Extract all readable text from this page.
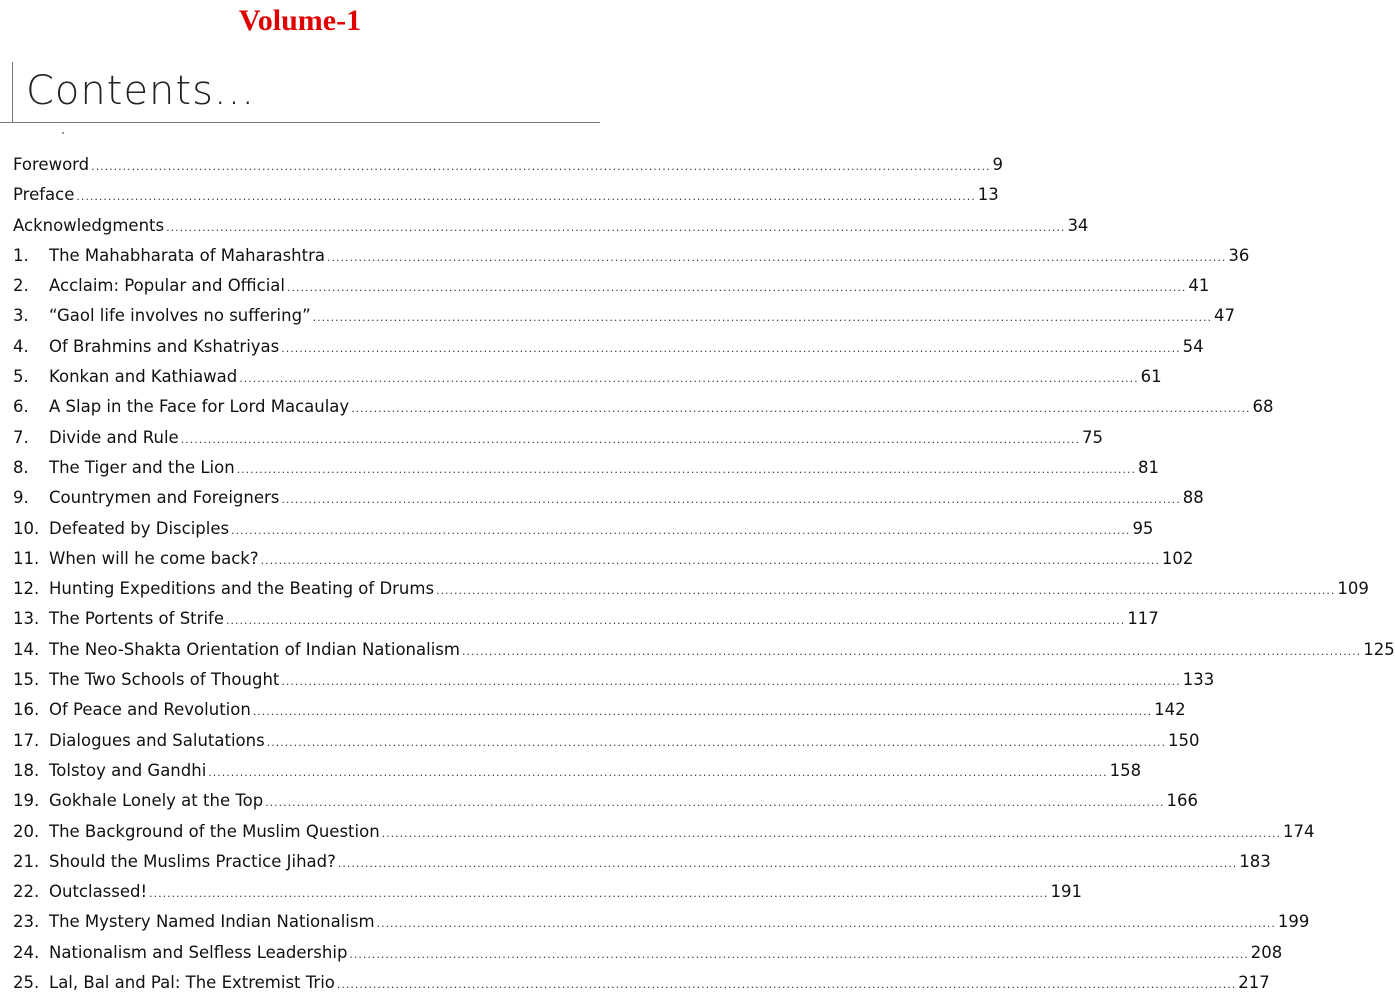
Volume-1
Contents...
Foreword ........................................................................................................................................................................................................ 9
Preface ........................................................................................................................................................................................................ 13
Acknowledgments ........................................................................................................................................................................................................ 34
1.	The Mahabharata of Maharashtra ........................................................................................................................................................................................................ 36
2.	Acclaim: Popular and Official ........................................................................................................................................................................................................ 41
3.	“Gaol life involves no suffering” ........................................................................................................................................................................................................ 47
4.	Of Brahmins and Kshatriyas ........................................................................................................................................................................................................ 54
5.	Konkan and Kathiawad ........................................................................................................................................................................................................ 61
6.	A Slap in the Face for Lord Macaulay ........................................................................................................................................................................................................ 68
7.	Divide and Rule ........................................................................................................................................................................................................ 75
8.	The Tiger and the Lion ........................................................................................................................................................................................................ 81
9.	Countrymen and Foreigners ........................................................................................................................................................................................................ 88
10. Defeated by Disciples ........................................................................................................................................................................................................ 95
11. When will he come back? ........................................................................................................................................................................................................ 102
12. Hunting Expeditions and the Beating of Drums ........................................................................................................................................................................................................ 109
13. The Portents of Strife ........................................................................................................................................................................................................ 117
14. The Neo-Shakta Orientation of Indian Nationalism ........................................................................................................................................................................................................ 125
15. The Two Schools of Thought ........................................................................................................................................................................................................ 133
16. Of Peace and Revolution ........................................................................................................................................................................................................ 142
17. Dialogues and Salutations ........................................................................................................................................................................................................ 150
18. Tolstoy and Gandhi ........................................................................................................................................................................................................ 158
19. Gokhale Lonely at the Top ........................................................................................................................................................................................................ 166
20. The Background of the Muslim Question ........................................................................................................................................................................................................ 174
21. Should the Muslims Practice Jihad? ........................................................................................................................................................................................................ 183
22. Outclassed! ........................................................................................................................................................................................................ 191
23. The Mystery Named Indian Nationalism ........................................................................................................................................................................................................ 199
24. Nationalism and Selfless Leadership ........................................................................................................................................................................................................ 208
25. Lal, Bal and Pal: The Extremist Trio ........................................................................................................................................................................................................ 217
